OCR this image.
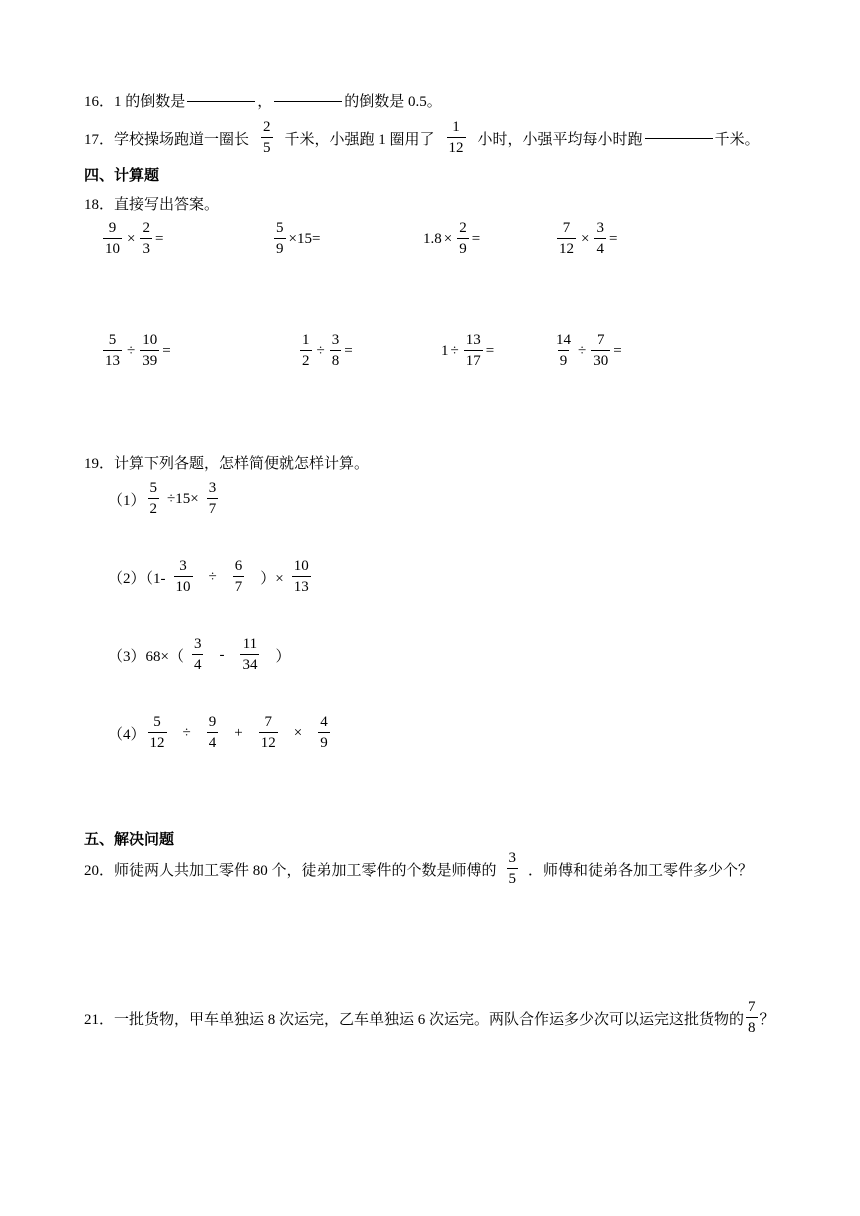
16． 1 的倒数是	，	的倒数是 0.5。
17． 学校操场跑道一圈长 $\frac{2}{5}$ 千米，小强跑 1 圈用了 $\frac{1}{12}$ 小时，小强平均每小时跑	千米。
四、计算题
18．直接写出答案。
$\frac{9}{10} \times \frac{2}{3}$ =	$\frac{5}{9} \times 15$ =	$1.8 \times \frac{2}{9}$ =	$\frac{7}{12} \times \frac{3}{4}$ =
$\frac{5}{13} \div \frac{10}{39}$ =	$\frac{1}{2} \div \frac{3}{8}$ =	$1 \div \frac{13}{17}$ =	$\frac{14}{9} \div \frac{7}{30}$ =
19．计算下列各题，怎样简便就怎样计算。
$(1) \frac{5}{2} \div 15\times \frac{3}{7}$
$(2)(1- \frac{3}{10} \div \frac{6}{7}$ ）× $\frac{10}{13}$
$(3)68\times( \frac{3}{4} - \frac{11}{34}$ ）
$(4) \frac{5}{12} \div \frac{9}{4} + \frac{7}{12} \times \frac{4}{9}$
五、解决问题
20． 师徒两人共加工零件 80 个，徒弟加工零件的个数是师傅的 $\frac{3}{5}$ ．师傅和徒弟各加工零件多少个？
21． 一批货物，甲车单独运 8 次运完，乙车单独运 6 次运完。两队合作运多少次可以运完这批货物的 $\frac{7}{8}$ ？
